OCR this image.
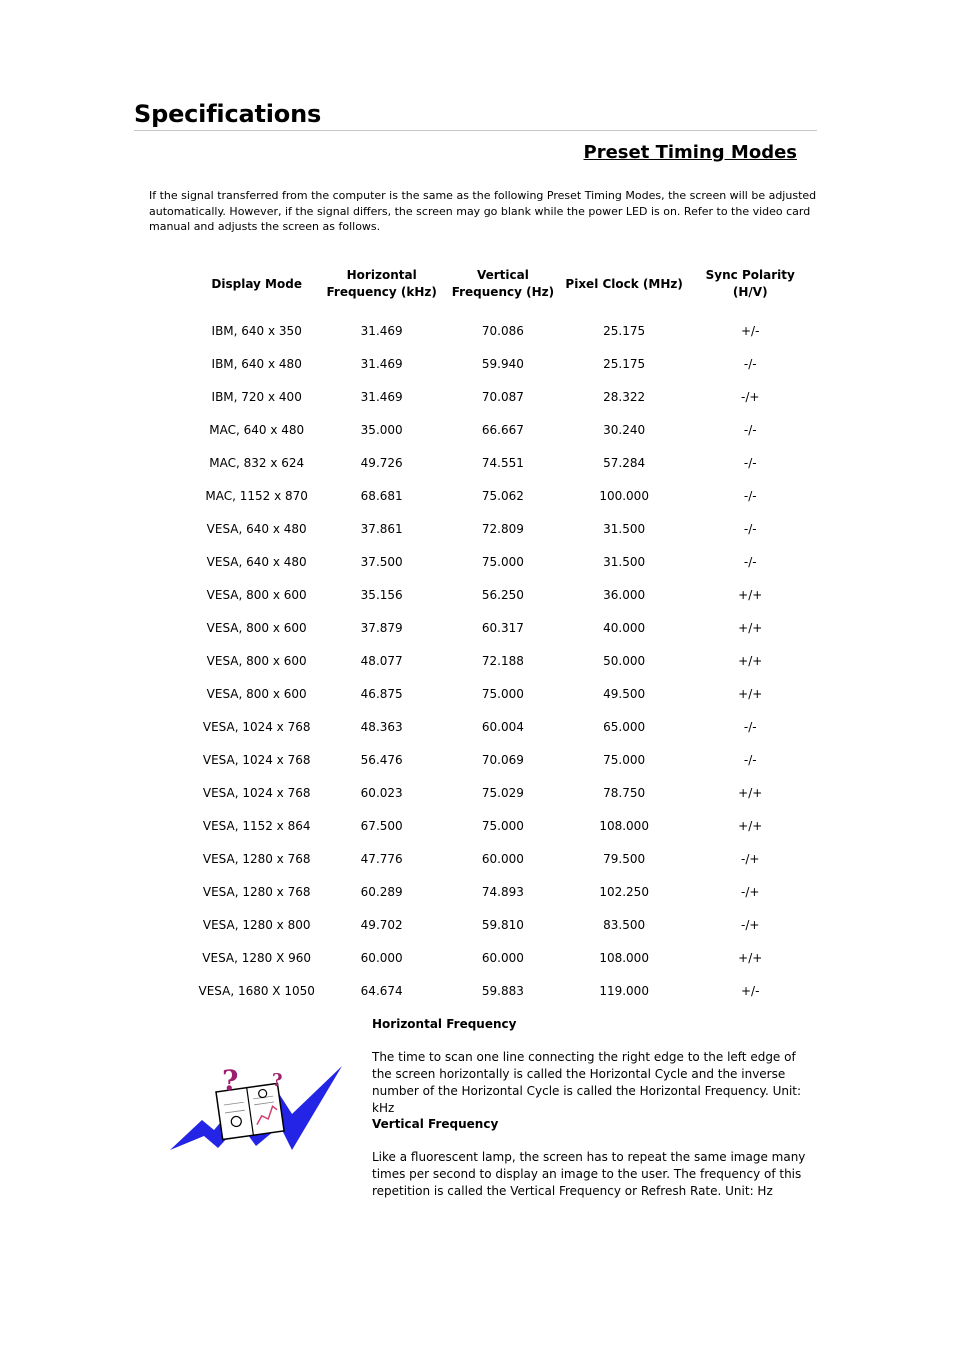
Specifications
Preset Timing Modes
If the signal transferred from the computer is the same as the following Preset Timing Modes, the screen will be adjusted automatically. However, if the signal differs, the screen may go blank while the power LED is on. Refer to the video card manual and adjusts the screen as follows.
Display Mode	Horizontal Frequency (kHz)	Vertical Frequency (Hz)	Pixel Clock (MHz)	Sync Polarity (H/V)
IBM, 640 x 350	31.469	70.086	25.175	+/-
IBM, 640 x 480	31.469	59.940	25.175	-/-
IBM, 720 x 400	31.469	70.087	28.322	-/+
MAC, 640 x 480	35.000	66.667	30.240	-/-
MAC, 832 x 624	49.726	74.551	57.284	-/-
MAC, 1152 x 870	68.681	75.062	100.000	-/-
VESA, 640 x 480	37.861	72.809	31.500	-/-
VESA, 640 x 480	37.500	75.000	31.500	-/-
VESA, 800 x 600	35.156	56.250	36.000	+/+
VESA, 800 x 600	37.879	60.317	40.000	+/+
VESA, 800 x 600	48.077	72.188	50.000	+/+
VESA, 800 x 600	46.875	75.000	49.500	+/+
VESA, 1024 x 768	48.363	60.004	65.000	-/-
VESA, 1024 x 768	56.476	70.069	75.000	-/-
VESA, 1024 x 768	60.023	75.029	78.750	+/+
VESA, 1152 x 864	67.500	75.000	108.000	+/+
VESA, 1280 x 768	47.776	60.000	79.500	-/+
VESA, 1280 x 768	60.289	74.893	102.250	-/+
VESA, 1280 x 800	49.702	59.810	83.500	-/+
VESA, 1280 X 960	60.000	60.000	108.000	+/+
VESA, 1680 X 1050	64.674	59.883	119.000	+/-
Horizontal Frequency
The time to scan one line connecting the right edge to the left edge of the screen horizontally is called the Horizontal Cycle and the inverse number of the Horizontal Cycle is called the Horizontal Frequency. Unit: kHz
Vertical Frequency
Like a fluorescent lamp, the screen has to repeat the same image many times per second to display an image to the user. The frequency of this repetition is called the Vertical Frequency or Refresh Rate. Unit: Hz
? ?
